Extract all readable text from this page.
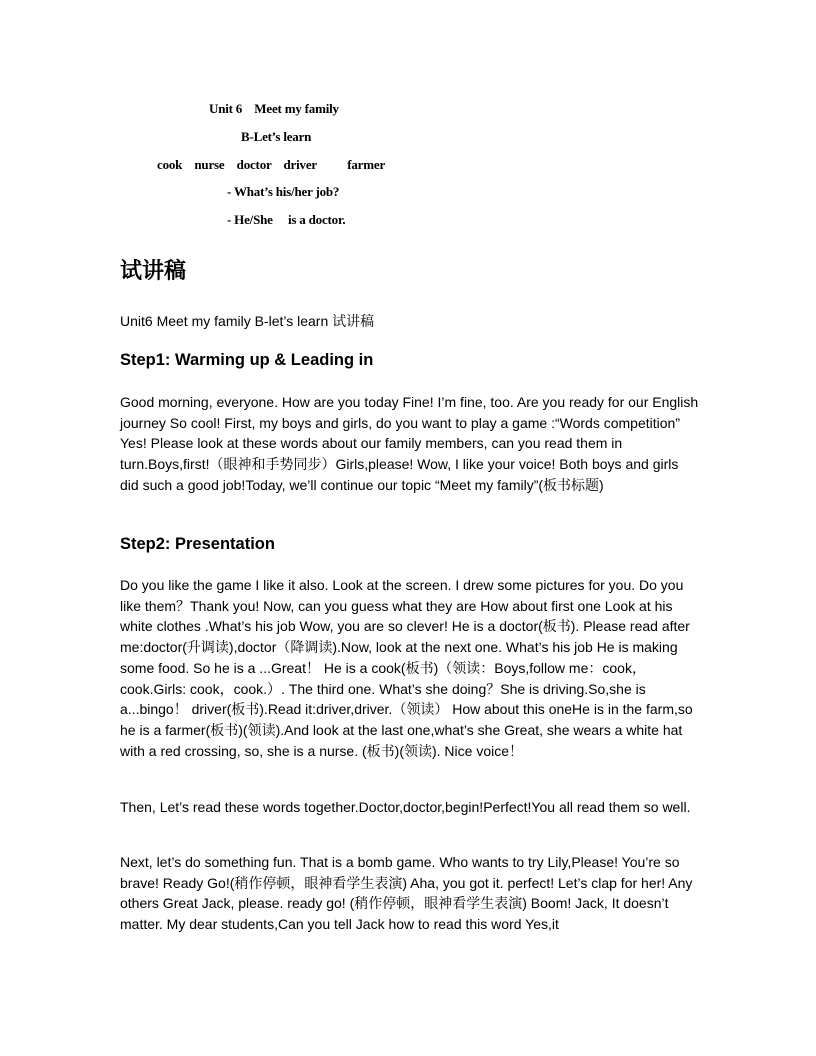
Unit 6    Meet my family
B-Let’s learn
cook    nurse    doctor    driver          farmer
- What’s his/her job?
- He/She     is a doctor.
试讲稿

Unit6 Meet my family B-let’s learn 试讲稿

Step1: Warming up & Leading in

Good morning, everyone. How are you today Fine! I’m fine, too. Are you ready for our English journey So cool! First, my boys and girls, do you want to play a game :“Words competition” Yes! Please look at these words about our family members, can you read them in turn.Boys,first!（眼神和手势同步）Girls,please! Wow, I like your voice! Both boys and girls did such a good job!Today, we’ll continue our topic “Meet my family”(板书标题)

Step2: Presentation

Do you like the game I like it also. Look at the screen. I drew some pictures for you. Do you like them？Thank you! Now, can you guess what they are How about first one Look at his white clothes .What’s his job Wow, you are so clever! He is a doctor(板书). Please read after me:doctor(升调读),doctor（降调读).Now, look at the next one. What’s his job He is making some food. So he is a ...Great！ He is a cook(板书)（领读：Boys,follow me：cook，cook.Girls: cook，cook.）. The third one. What’s she doing？She is driving.So,she is a...bingo！ driver(板书).Read it:driver,driver.（领读） How about this oneHe is in the farm,so he is a farmer(板书)(领读).And look at the last one,what’s she Great, she wears a white hat with a red crossing, so, she is a nurse. (板书)(领读). Nice voice！

Then, Let’s read these words together.Doctor,doctor,begin!Perfect!You all read them so well.

Next, let’s do something fun. That is a bomb game. Who wants to try Lily,Please! You’re so brave! Ready Go!(稍作停顿，眼神看学生表演) Aha, you got it. perfect! Let’s clap for her! Any others Great Jack, please. ready go! (稍作停顿，眼神看学生表演) Boom! Jack, It doesn’t matter. My dear students,Can you tell Jack how to read this word Yes,it
